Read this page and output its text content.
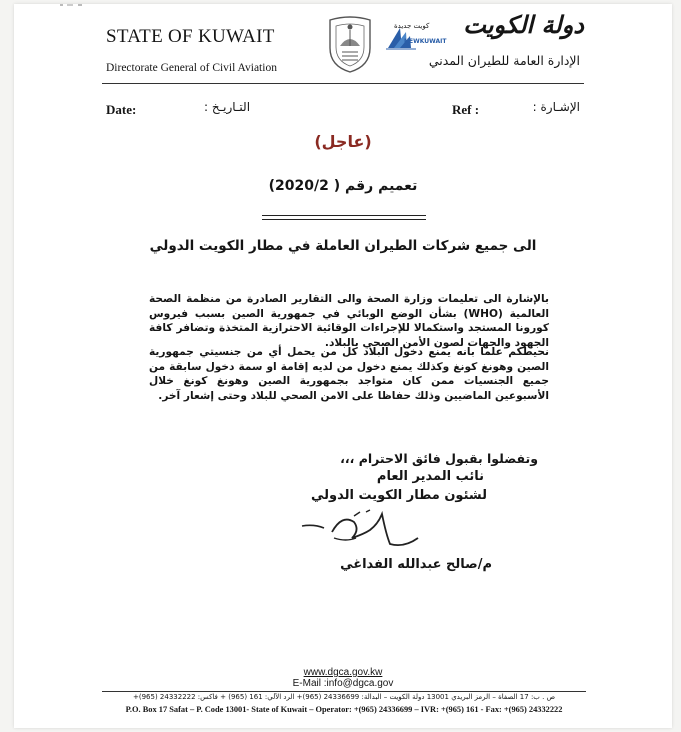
STATE OF KUWAIT
Directorate General of Civil Aviation
كويت جديدة
NEWKUWAIT
دولة الكويت
الإدارة العامة للطيران المدني
Date:	التـاريـخ :	Ref :	الإشـارة :
(عاجل)
تعميم رقم ( 2020/2)
الى جميع شركات الطيران العاملة في مطار الكويت الدولي
بالإشارة الى تعليمات وزارة الصحة والى التقارير الصادرة من منظمة الصحة العالمية (WHO) بشأن الوضع الوبائي في جمهورية الصين بسبب فيروس كورونا المستجد واستكمالا للإجراءات الوقائية الاحترازية المتخذة وتضافر كافة الجهود والجهات لصون الأمن الصحي بالبلاد.
نحيطكم علما بانه يمنع دخول البلاد كل من يحمل أي من جنسيتي جمهورية الصين وهونغ كونغ وكذلك يمنع دخول من لديه إقامة او سمة دخول سابقة من جميع الجنسيات ممن كان متواجد بجمهورية الصين وهونغ كونغ خلال الأسبوعين الماضيين وذلك حفاظا على الامن الصحي للبلاد وحتى إشعار آخر.
وتفضلوا بقبول فائق الاحترام ،،،
نائب المدير العام
لشئون مطار الكويت الدولي
م/صالح عبدالله الفداغي
www.dgca.gov.kw
E-Mail :info@dgca.gov
ص . ب: 17 الصفاة – الرمز البريدي 13001 دولة الكويت – البدالة: 24336699 (965)+ الرد الآلي: 161 (965) + فاكس: 24332222 (965)+
P.O. Box 17 Safat – P. Code 13001- State of Kuwait – Operator: +(965) 24336699 – IVR: +(965) 161 - Fax: +(965) 24332222
